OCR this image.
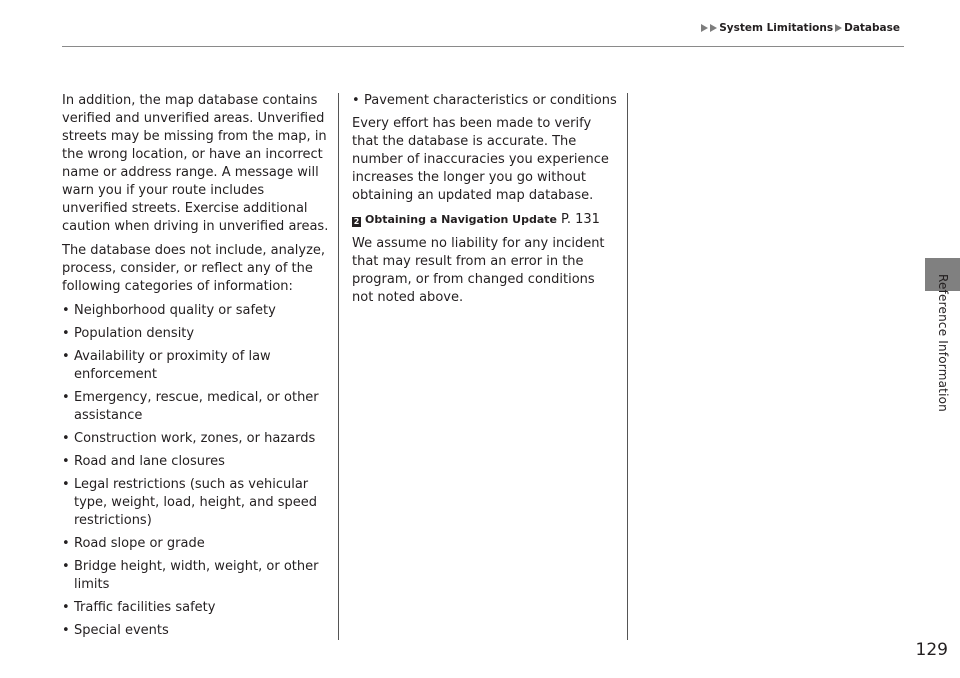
System Limitations Database

In addition, the map database contains verified and unverified areas. Unverified streets may be missing from the map, in the wrong location, or have an incorrect name or address range. A message will warn you if your route includes unverified streets. Exercise additional caution when driving in unverified areas.

The database does not include, analyze, process, consider, or reflect any of the following categories of information:

• Neighborhood quality or safety
• Population density
• Availability or proximity of law enforcement
• Emergency, rescue, medical, or other assistance
• Construction work, zones, or hazards
• Road and lane closures
• Legal restrictions (such as vehicular type, weight, load, height, and speed restrictions)
• Road slope or grade
• Bridge height, width, weight, or other limits
• Traffic facilities safety
• Special events
• Pavement characteristics or conditions

Every effort has been made to verify that the database is accurate. The number of inaccuracies you experience increases the longer you go without obtaining an updated map database.

2 Obtaining a Navigation Update P. 131

We assume no liability for any incident that may result from an error in the program, or from changed conditions not noted above.	Reference Information
129
